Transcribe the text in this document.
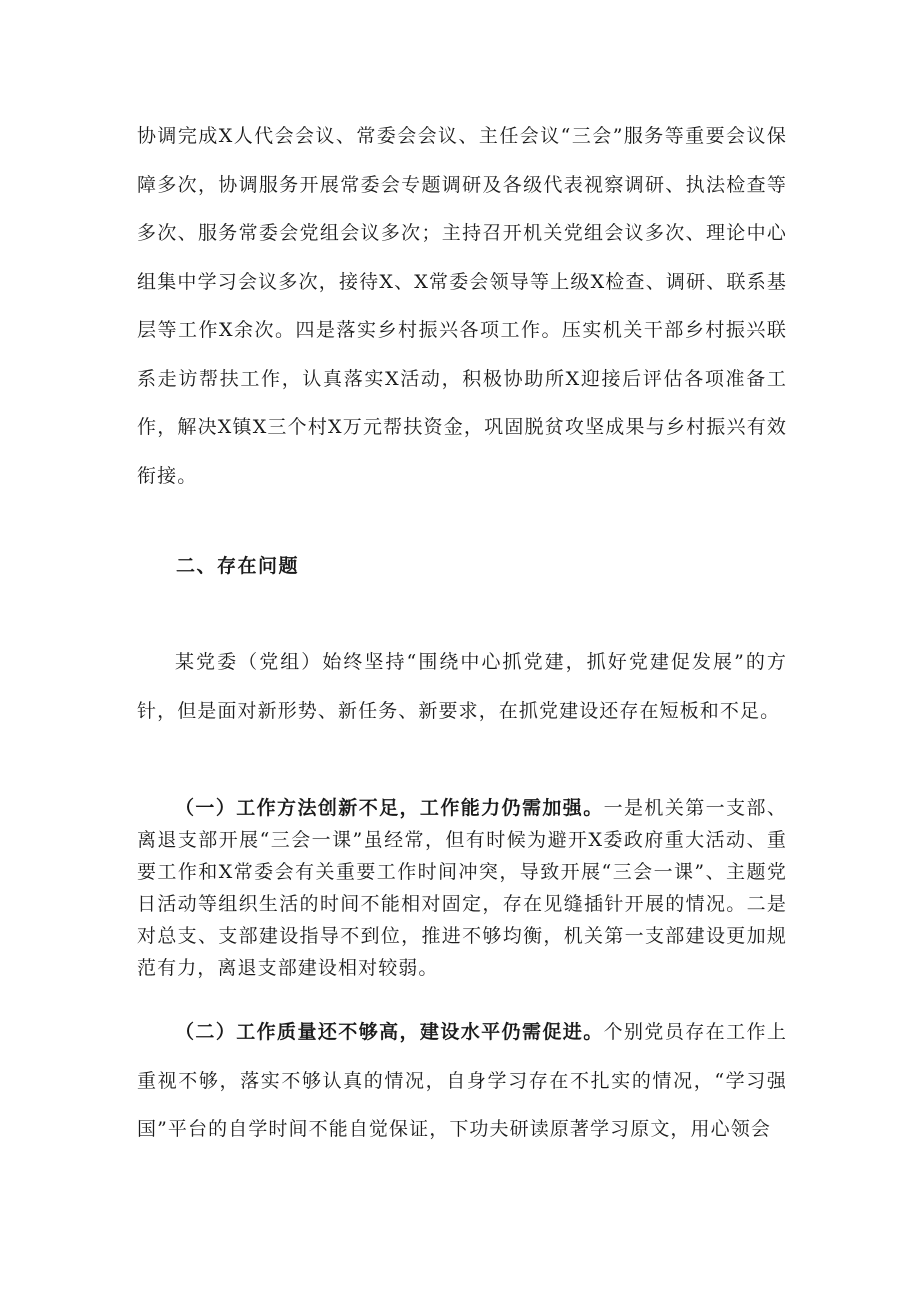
协调完成X人代会会议、常委会会议、主任会议“三会”服务等重要会议保障多次，协调服务开展常委会专题调研及各级代表视察调研、执法检查等多次、服务常委会党组会议多次；主持召开机关党组会议多次、理论中心组集中学习会议多次，接待X、X常委会领导等上级X检查、调研、联系基层等工作X余次。四是落实乡村振兴各项工作。压实机关干部乡村振兴联系走访帮扶工作，认真落实X活动，积极协助所X迎接后评估各项准备工作，解决X镇X三个村X万元帮扶资金，巩固脱贫攻坚成果与乡村振兴有效衔接。

二、存在问题

某党委（党组）始终坚持“围绕中心抓党建，抓好党建促发展”的方针，但是面对新形势、新任务、新要求，在抓党建设还存在短板和不足。

（一）工作方法创新不足，工作能力仍需加强。一是机关第一支部、离退支部开展“三会一课”虽经常，但有时候为避开X委政府重大活动、重要工作和X常委会有关重要工作时间冲突，导致开展“三会一课”、主题党日活动等组织生活的时间不能相对固定，存在见缝插针开展的情况。二是对总支、支部建设指导不到位，推进不够均衡，机关第一支部建设更加规范有力，离退支部建设相对较弱。

（二）工作质量还不够高，建设水平仍需促进。个别党员存在工作上重视不够，落实不够认真的情况，自身学习存在不扎实的情况，“学习强国”平台的自学时间不能自觉保证，下功夫研读原著学习原文，用心领会
